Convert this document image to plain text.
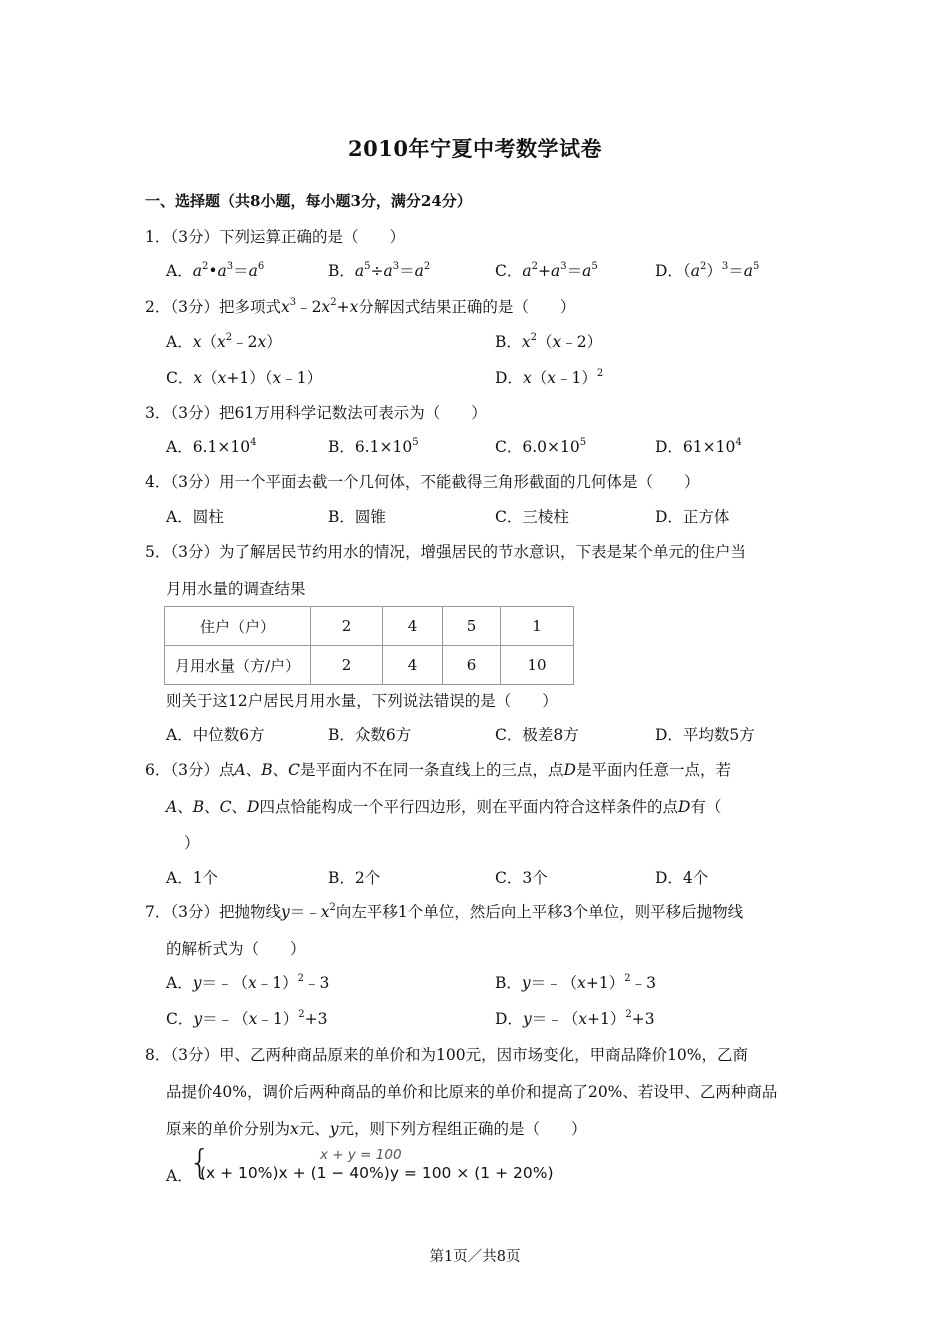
2010年宁夏中考数学试卷
一、选择题（共8小题，每小题3分，满分24分）
1．（3分）下列运算正确的是（　　）
A．$a^2•a^3=a^6$	B．$a^5\div a^3=a^2$	C．$a^2+a^3=a^5$	D．$(a^2)^3=a^5$
2．（3分）把多项式$x^3﹣2x^2+x$分解因式结果正确的是（　　）
A．$x(x^2﹣2x)$	B．$x^2(x﹣2)$
C．x（x+1）（x﹣1）	D．x（x﹣1）$^2$
3．（3分）把61万用科学记数法可表示为（　　）
A．$6.1\times 10^4$	B．$6.1\times 10^5$	C．$6.0\times 10^5$	D．$61\times 10^4$
4．（3分）用一个平面去截一个几何体，不能截得三角形截面的几何体是（　　）
A．圆柱	B．圆锥	C．三棱柱	D．正方体
5．（3分）为了解居民节约用水的情况，增强居民的节水意识，下表是某个单元的住户当
月用水量的调查结果
住户（户）	2	4	5	1
月用水量（方/户）	2	4	6	10
则关于这12户居民月用水量，下列说法错误的是（　　）
A．中位数6方	B．众数6方	C．极差8方	D．平均数5方
6．（3分）点A、B、C是平面内不在同一条直线上的三点，点D是平面内任意一点，若
A、B、C、D四点恰能构成一个平行四边形，则在平面内符合这样条件的点D有（
）
A．1个	B．2个	C．3个	D．4个
7．（3分）把抛物线$y=﹣x^2$向左平移1个单位，然后向上平移3个单位，则平移后抛物线
的解析式为（　　）
A．y＝﹣（x﹣1）$^2$﹣3	B．$y=﹣(x+1)^2﹣3$
C．y＝﹣（x﹣1）$^2$+3	D．$y=﹣(x+1)^2+3$
8．（3分）甲、乙两种商品原来的单价和为100元，因市场变化，甲商品降价10%，乙商
品提价40%，调价后两种商品的单价和比原来的单价和提高了20%、若设甲、乙两种商品
原来的单价分别为x元、y元，则下列方程组正确的是（　　）
A．
{	x + y = 100
(x + 10%)x + (1 − 40%)y = 100 × (1 + 20%)
第1页／共8页
